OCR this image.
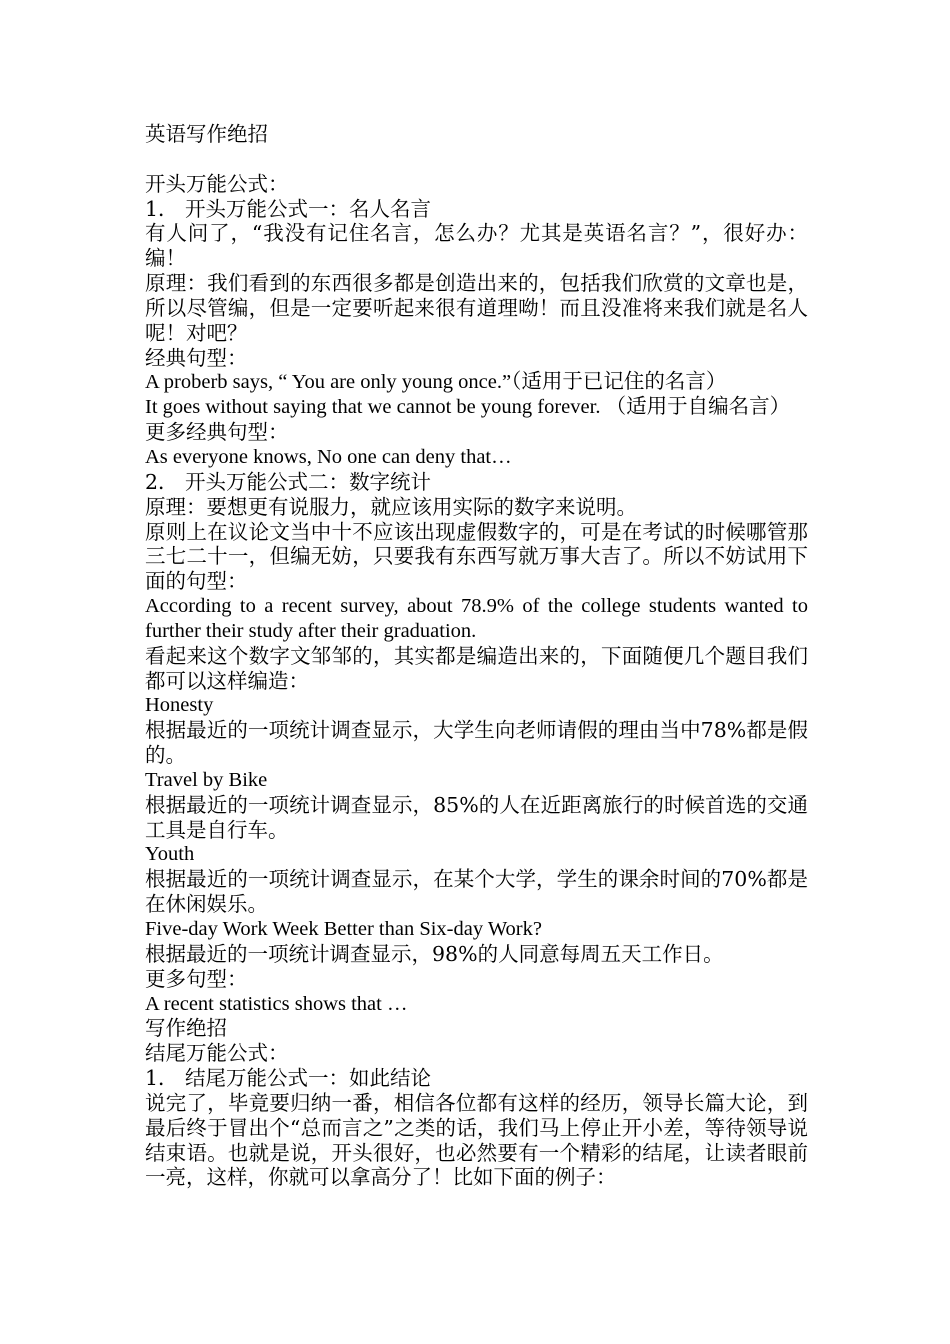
英语写作绝招

开头万能公式：

1． 开头万能公式一：名人名言

有人问了，“我没有记住名言，怎么办？尤其是英语名言？”，很好办：编！

原理：我们看到的东西很多都是创造出来的，包括我们欣赏的文章也是，所以尽管编，但是一定要听起来很有道理呦！而且没准将来我们就是名人呢！对吧？

经典句型：

A proberb says, “ You are only young once.”（适用于已记住的名言）

It goes without saying that we cannot be young forever. （适用于自编名言）

更多经典句型：

As everyone knows, No one can deny that…

2． 开头万能公式二：数字统计

原理：要想更有说服力，就应该用实际的数字来说明。

原则上在议论文当中十不应该出现虚假数字的，可是在考试的时候哪管那三七二十一，但编无妨，只要我有东西写就万事大吉了。所以不妨试用下面的句型：

According to a recent survey, about 78.9% of the college students wanted to further their study after their graduation.

看起来这个数字文邹邹的，其实都是编造出来的，下面随便几个题目我们都可以这样编造：

Honesty

根据最近的一项统计调查显示，大学生向老师请假的理由当中78%都是假的。

Travel by Bike

根据最近的一项统计调查显示，85%的人在近距离旅行的时候首选的交通工具是自行车。

Youth

根据最近的一项统计调查显示，在某个大学，学生的课余时间的70%都是在休闲娱乐。

Five-day Work Week Better than Six-day Work?

根据最近的一项统计调查显示，98%的人同意每周五天工作日。

更多句型：

A recent statistics shows that …

写作绝招

结尾万能公式：

1． 结尾万能公式一：如此结论

说完了，毕竟要归纳一番，相信各位都有这样的经历，领导长篇大论，到最后终于冒出个“总而言之”之类的话，我们马上停止开小差，等待领导说结束语。也就是说，开头很好，也必然要有一个精彩的结尾，让读者眼前一亮，这样，你就可以拿高分了！比如下面的例子：
